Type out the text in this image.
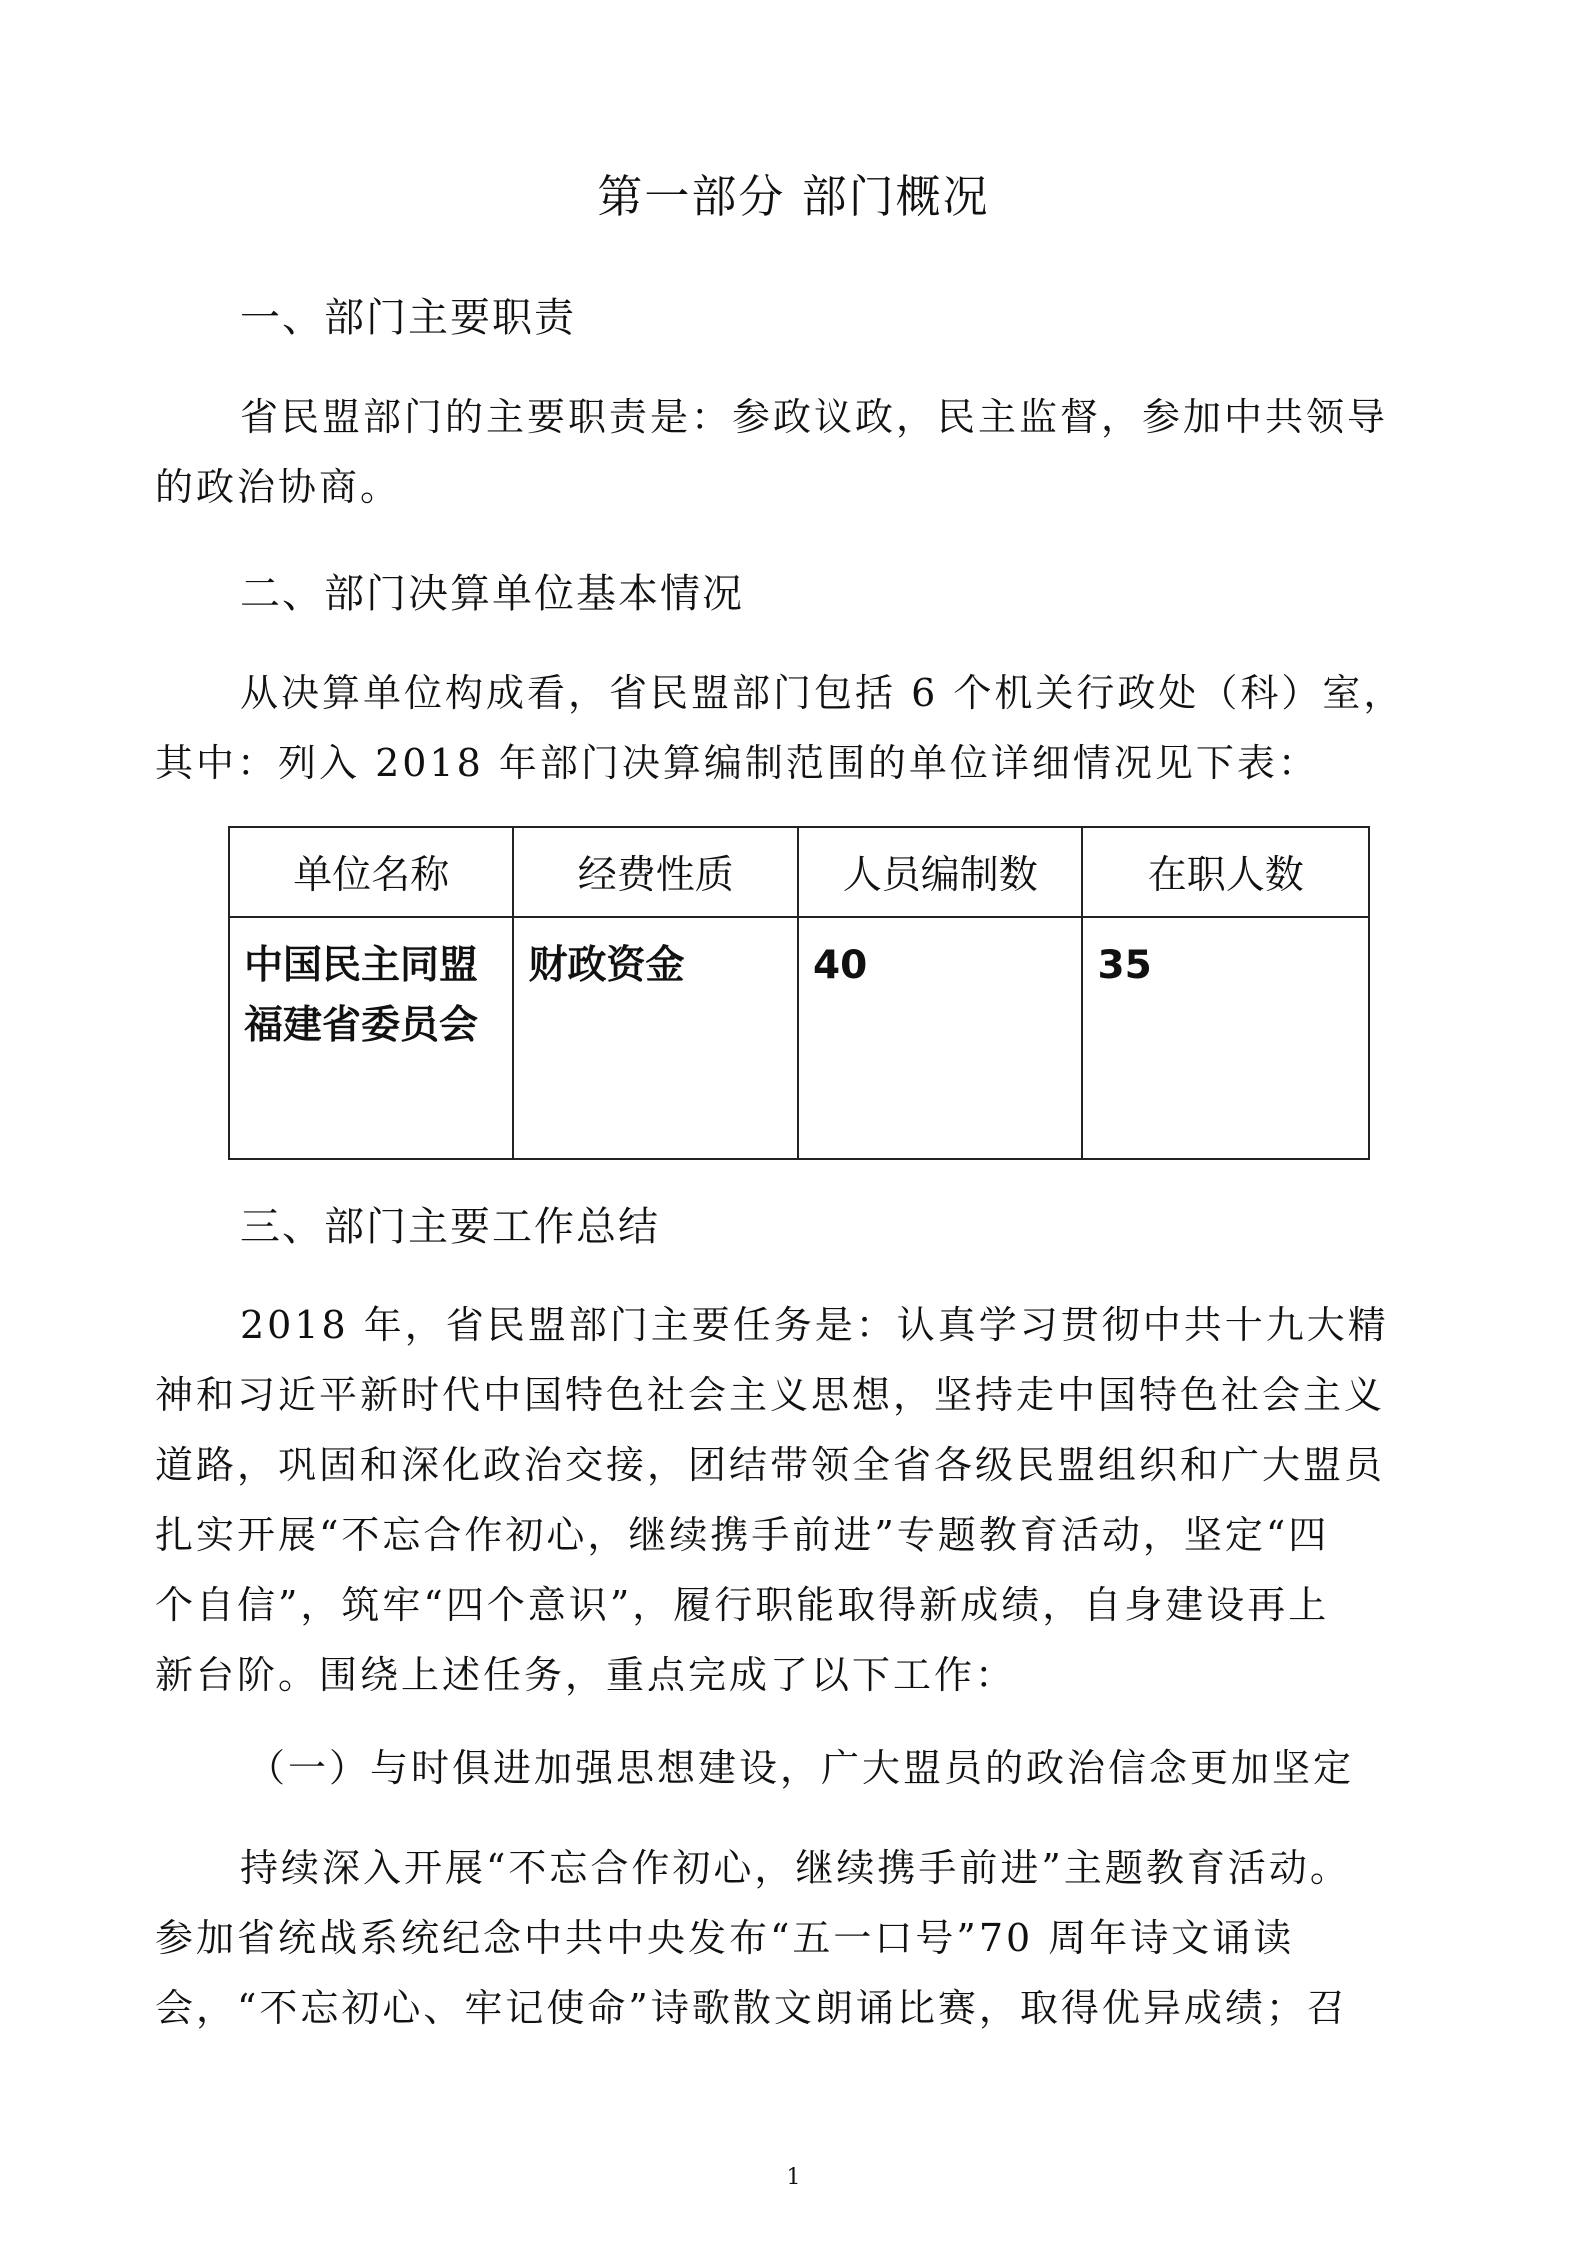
第一部分 部门概况
一、部门主要职责
省民盟部门的主要职责是：参政议政，民主监督，参加中共领导
的政治协商。
二、部门决算单位基本情况
从决算单位构成看，省民盟部门包括 6 个机关行政处（科）室，
其中：列入 2018 年部门决算编制范围的单位详细情况见下表：
单位名称	经费性质	人员编制数	在职人数
中国民主同盟福建省委员会	财政资金	40	35
三、部门主要工作总结
2018 年，省民盟部门主要任务是：认真学习贯彻中共十九大精
神和习近平新时代中国特色社会主义思想，坚持走中国特色社会主义
道路，巩固和深化政治交接，团结带领全省各级民盟组织和广大盟员
扎实开展“不忘合作初心，继续携手前进”专题教育活动，坚定“四
个自信”，筑牢“四个意识”，履行职能取得新成绩，自身建设再上
新台阶。围绕上述任务，重点完成了以下工作：
（一）与时俱进加强思想建设，广大盟员的政治信念更加坚定
持续深入开展“不忘合作初心，继续携手前进”主题教育活动。
参加省统战系统纪念中共中央发布“五一口号”70 周年诗文诵读
会，“不忘初心、牢记使命”诗歌散文朗诵比赛，取得优异成绩；召
1
